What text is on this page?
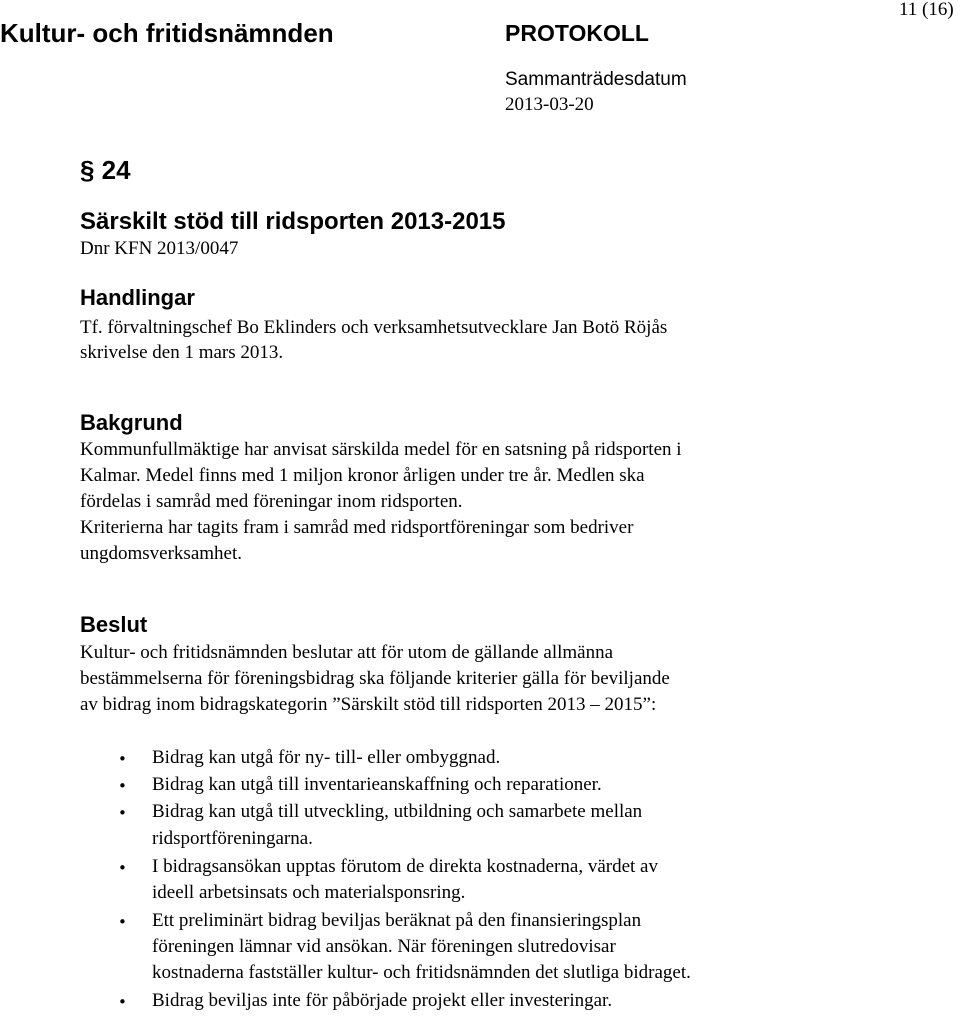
Kultur- och fritidsnämnden	PROTOKOLL
Sammanträdesdatum
2013-03-20
11 (16)
§ 24
Särskilt stöd till ridsporten 2013-2015
Dnr KFN 2013/0047
Handlingar
Tf. förvaltningschef Bo Eklinders och verksamhetsutvecklare Jan Botö Röjås
skrivelse den 1 mars 2013.
Bakgrund
Kommunfullmäktige har anvisat särskilda medel för en satsning på ridsporten i
Kalmar. Medel finns med 1 miljon kronor årligen under tre år. Medlen ska
fördelas i samråd med föreningar inom ridsporten.
Kriterierna har tagits fram i samråd med ridsportföreningar som bedriver
ungdomsverksamhet.
Beslut
Kultur- och fritidsnämnden beslutar att för utom de gällande allmänna
bestämmelserna för föreningsbidrag ska följande kriterier gälla för beviljande
av bidrag inom bidragskategorin ”Särskilt stöd till ridsporten 2013 – 2015”:
• Bidrag kan utgå för ny- till- eller ombyggnad.
• Bidrag kan utgå till inventarieanskaffning och reparationer.
• Bidrag kan utgå till utveckling, utbildning och samarbete mellan
ridsportföreningarna.
• I bidragsansökan upptas förutom de direkta kostnaderna, värdet av
ideell arbetsinsats och materialsponsring.
• Ett preliminärt bidrag beviljas beräknat på den finansieringsplan
föreningen lämnar vid ansökan. När föreningen slutredovisar
kostnaderna fastställer kultur- och fritidsnämnden det slutliga bidraget.
• Bidrag beviljas inte för påbörjade projekt eller investeringar.
